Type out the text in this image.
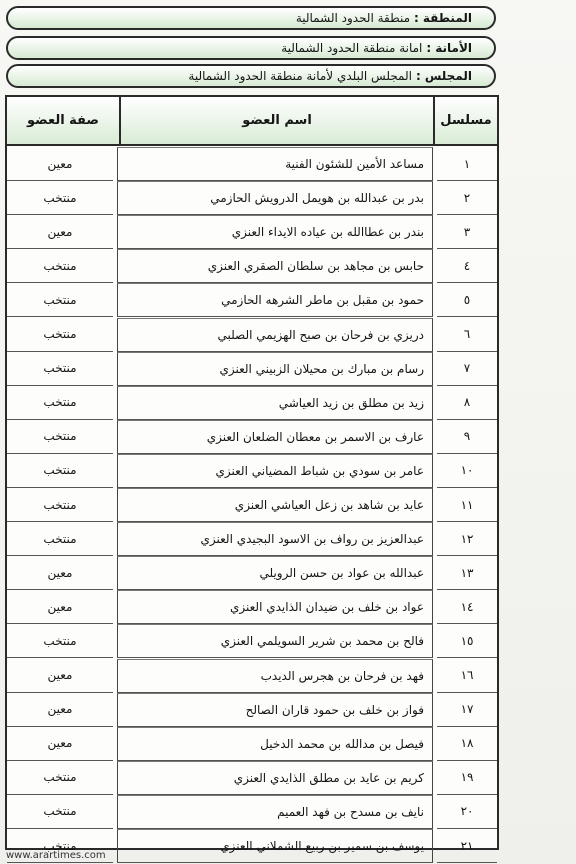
المنطقة
:
منطقة الحدود الشمالية
الأمانة
:
امانة منطقة الحدود الشمالية
المجلس
:
المجلس البلدي لأمانة منطقة الحدود الشمالية
مسلسل
اسم العضو
صفة العضو
١
مساعد الأمين للشئون الفنية
معين
٢
بدر بن عبدالله بن هويمل الدرويش الحازمي
منتخب
٣
بندر بن عطاالله بن عياده الايداء العنزي
معين
٤
حابس بن مجاهد بن سلطان الصقري العنزي
منتخب
٥
حمود بن مقبل بن ماطر الشرهه الحازمي
منتخب
٦
دريزي بن فرحان بن صبح الهزيمي الصلبي
منتخب
٧
رسام بن مبارك بن محيلان الزبيني العنزي
منتخب
٨
زيد بن مطلق بن زيد العياشي
منتخب
٩
عارف بن الاسمر بن معطان الضلعان العنزي
منتخب
١٠
عامر بن سودي بن شباط المضياني العنزي
منتخب
١١
عايد بن شاهد بن زعل العياشي العنزي
منتخب
١٢
عبدالعزيز بن رواف بن الاسود البجيدي العنزي
منتخب
١٣
عبدالله بن عواد بن حسن الرويلي
معين
١٤
عواد بن خلف بن ضيدان الذايدي العنزي
معين
١٥
فالح بن محمد بن شرير السويلمي العنزي
منتخب
١٦
فهد بن فرحان بن هجرس الديدب
معين
١٧
فواز بن خلف بن حمود قاران الصالح
معين
١٨
فيصل بن مدالله بن محمد الدخيل
معين
١٩
كريم بن عايد بن مطلق الذايدي العنزي
منتخب
٢٠
نايف بن مسدح بن فهد العميم
منتخب
٢١
يوسف بن سمير بن ربيع الشملاني العنزي
منتخب
www.arartimes.com
